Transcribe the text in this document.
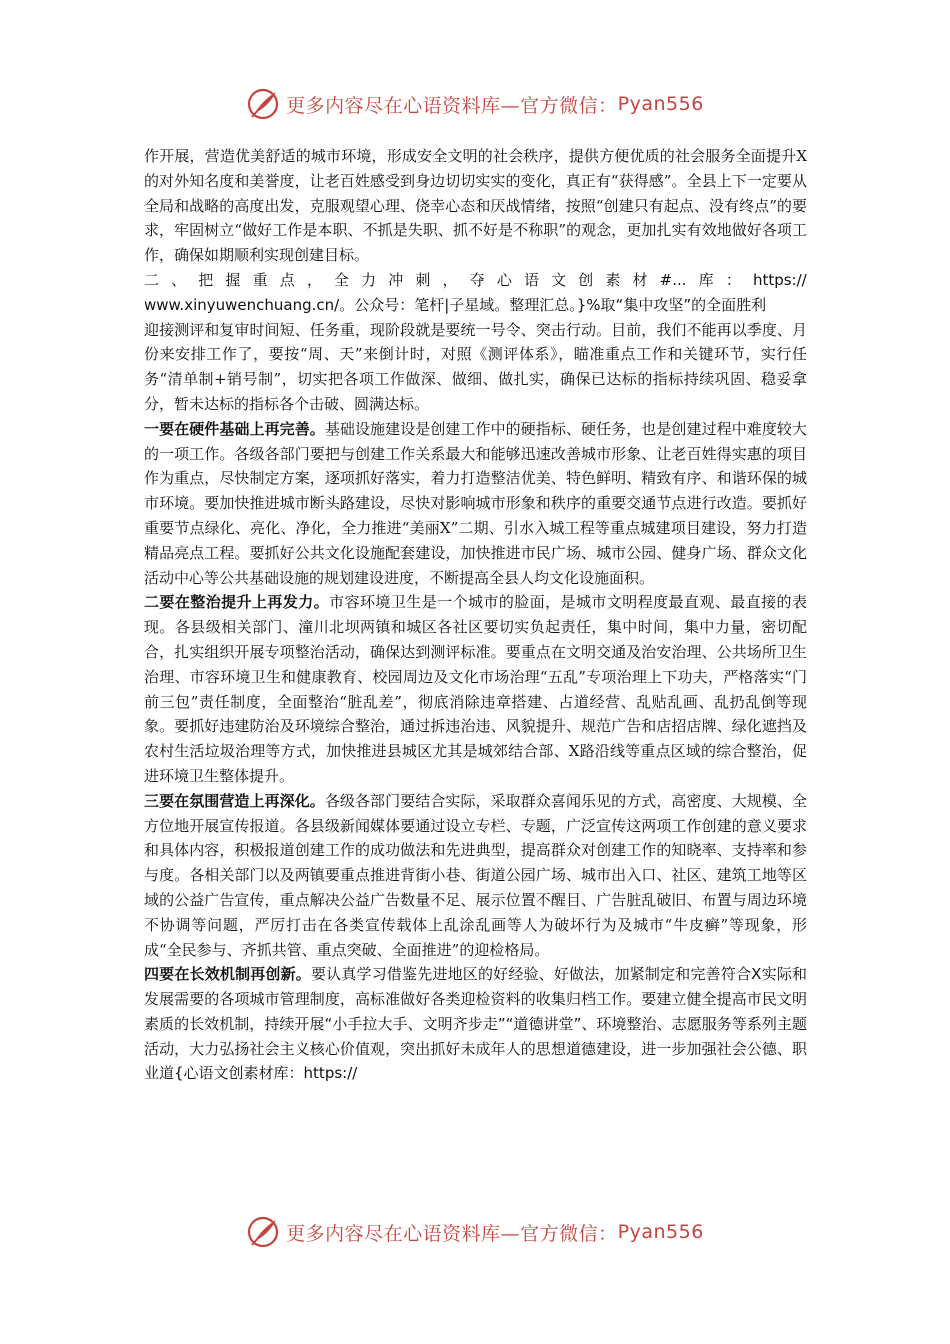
更多内容尽在心语资料库—官方微信： Pyan556

作开展，营造优美舒适的城市环境，形成安全文明的社会秩序，提供方便优质的社会服务全面提升X的对外知名度和美誉度，让老百姓感受到身边切切实实的变化，真正有“获得感”。全县上下一定要从全局和战略的高度出发，克服观望心理、侥幸心态和厌战情绪，按照“创建只有起点、没有终点”的要求，牢固树立“做好工作是本职、不抓是失职、抓不好是不称职”的观念，更加扎实有效地做好各项工作，确保如期顺利实现创建目标。

二 、 把 握 重 点 ， 全 力 冲 刺 ， 夺 心 语 文 创 素 材 #... 库 ： https://

www.xinyuwenchuang.cn/。公众号：笔杆|子星域。整理汇总。}%取“集中攻坚”的全面胜利

迎接测评和复审时间短、任务重，现阶段就是要统一号令、突击行动。目前，我们不能再以季度、月份来安排工作了，要按“周、天”来倒计时，对照《测评体系》，瞄准重点工作和关键环节，实行任务“清单制+销号制”，切实把各项工作做深、做细、做扎实，确保已达标的指标持续巩固、稳妥拿分，暂未达标的指标各个击破、圆满达标。

一要在硬件基础上再完善。基础设施建设是创建工作中的硬指标、硬任务，也是创建过程中难度较大的一项工作。各级各部门要把与创建工作关系最大和能够迅速改善城市形象、让老百姓得实惠的项目作为重点，尽快制定方案，逐项抓好落实，着力打造整洁优美、特色鲜明、精致有序、和谐环保的城市环境。要加快推进城市断头路建设，尽快对影响城市形象和秩序的重要交通节点进行改造。要抓好重要节点绿化、亮化、净化，全力推进“美丽X”二期、引水入城工程等重点城建项目建设，努力打造精品亮点工程。要抓好公共文化设施配套建设，加快推进市民广场、城市公园、健身广场、群众文化活动中心等公共基础设施的规划建设进度，不断提高全县人均文化设施面积。

二要在整治提升上再发力。市容环境卫生是一个城市的脸面，是城市文明程度最直观、最直接的表现。各县级相关部门、潼川北坝两镇和城区各社区要切实负起责任，集中时间，集中力量，密切配合，扎实组织开展专项整治活动，确保达到测评标准。要重点在文明交通及治安治理、公共场所卫生治理、市容环境卫生和健康教育、校园周边及文化市场治理“五乱”专项治理上下功夫，严格落实“门前三包”责任制度，全面整治“脏乱差”，彻底消除违章搭建、占道经营、乱贴乱画、乱扔乱倒等现象。要抓好违建防治及环境综合整治，通过拆违治违、风貌提升、规范广告和店招店牌、绿化遮挡及农村生活垃圾治理等方式，加快推进县城区尤其是城郊结合部、X路沿线等重点区域的综合整治，促进环境卫生整体提升。

三要在氛围营造上再深化。各级各部门要结合实际，采取群众喜闻乐见的方式，高密度、大规模、全方位地开展宣传报道。各县级新闻媒体要通过设立专栏、专题，广泛宣传这两项工作创建的意义要求和具体内容，积极报道创建工作的成功做法和先进典型，提高群众对创建工作的知晓率、支持率和参与度。各相关部门以及两镇要重点推进背街小巷、街道公园广场、城市出入口、社区、建筑工地等区域的公益广告宣传，重点解决公益广告数量不足、展示位置不醒目、广告脏乱破旧、布置与周边环境不协调等问题，严厉打击在各类宣传载体上乱涂乱画等人为破坏行为及城市“牛皮癣”等现象，形成“全民参与、齐抓共管、重点突破、全面推进”的迎检格局。

四要在长效机制再创新。要认真学习借鉴先进地区的好经验、好做法，加紧制定和完善符合X实际和发展需要的各项城市管理制度，高标准做好各类迎检资料的收集归档工作。要建立健全提高市民文明素质的长效机制，持续开展“小手拉大手、文明齐步走”“道德讲堂”、环境整治、志愿服务等系列主题活动，大力弘扬社会主义核心价值观，突出抓好未成年人的思想道德建设，进一步加强社会公德、职业道{心语文创素材库：https://

更多内容尽在心语资料库—官方微信： Pyan556
